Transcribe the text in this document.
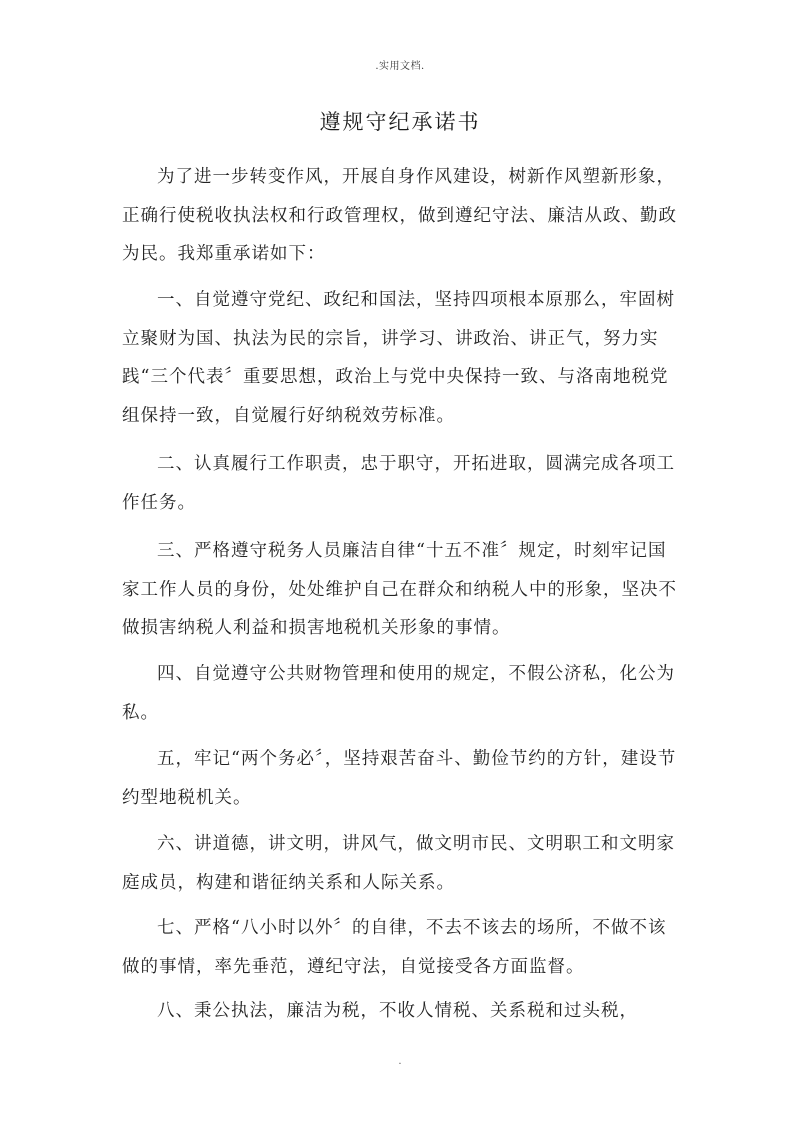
.实用文档.
遵规守纪承诺书

为了进一步转变作风，开展自身作风建设，树新作风塑新形象，正确行使税收执法权和行政管理权，做到遵纪守法、廉洁从政、勤政为民。我郑重承诺如下：

一、自觉遵守党纪、政纪和国法，坚持四项根本原那么，牢固树立聚财为国、执法为民的宗旨，讲学习、讲政治、讲正气，努力实践“三个代表〞重要思想，政治上与党中央保持一致、与洛南地税党组保持一致，自觉履行好纳税效劳标准。

二、认真履行工作职责，忠于职守，开拓进取，圆满完成各项工作任务。

三、严格遵守税务人员廉洁自律“十五不准〞规定，时刻牢记国家工作人员的身份，处处维护自己在群众和纳税人中的形象，坚决不做损害纳税人利益和损害地税机关形象的事情。

四、自觉遵守公共财物管理和使用的规定，不假公济私，化公为私。

五，牢记“两个务必〞，坚持艰苦奋斗、勤俭节约的方针，建设节约型地税机关。

六、讲道德，讲文明，讲风气，做文明市民、文明职工和文明家庭成员，构建和谐征纳关系和人际关系。

七、严格“八小时以外〞的自律，不去不该去的场所，不做不该做的事情，率先垂范，遵纪守法，自觉接受各方面监督。

八、秉公执法，廉洁为税，不收人情税、关系税和过头税，

.
